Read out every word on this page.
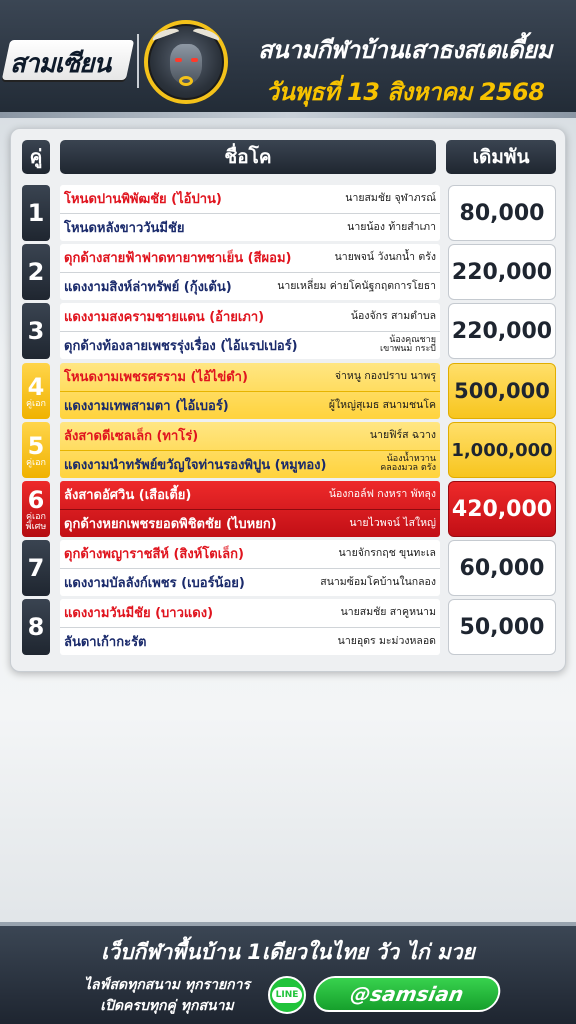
สามเซียน	สนามกีฬาบ้านเสาธงสเตเดี้ยม
วันพุธที่ 13 สิงหาคม 2568
คู่	ชื่อโค	เดิมพัน
1	โหนดปานพิพัฒชัย (ไอ้ปาน)	นายสมชัย จุฬาภรณ์
โหนดหลังขาววันมีชัย	นายน้อง ท้ายสำเภา
80,000
2	ดุกด้างสายฟ้าฟาดทายาทชาเย็น (สีผอม)	นายพจน์ วังนกน้ำ ตรัง
แดงงามสิงห์ล่าทรัพย์ (กุ้งเต้น)	นายเหลี่ยม ค่ายโคนัฐกฤตการโยธา
220,000
3	แดงงามสงครามชายแดน (อ้ายเภา)	น้องจักร สามตำบล
ดุกด้างท้องลายเพชรรุ่งเรื่อง (ไอ้แรปเปอร์)	น้องคุณชาย เขาพนม กระบี่
220,000
4
คู่เอก
โหนดงามเพชรศรราม (ไอ้ไข่ดำ)	จ่าหนู กองปราบ นาพรุ
แดงงามเทพสามตา (ไอ้เบอร์)	ผู้ใหญ่สุเมธ สนามชนโค
500,000
5
คู่เอก
ลังสาดดีเซลเล็ก (ทาโร่)	นายฟิร์ส ฉวาง
แดงงามนำทรัพย์ขวัญใจท่านรองพิปูน (หมูทอง)	น้องน้ำหวาน คลองมวล ตรัง
1,000,000
6
คู่เอก
พิเศษ
ลังสาดอัศวิน (เสือเตี้ย)	น้องกอล์ฟ กงหรา พัทลุง
ดุกด้างหยกเพชรยอดพิชิตชัย (ไบหยก)	นายไวพจน์ ไสใหญ่
420,000
7	ดุกด้างพญาราชสีห์ (สิงห์โตเล็ก)	นายจักรกฤช ขุนทะเล
แดงงามบัลลังก์เพชร (เบอร์น้อย)	สนามซ้อมโคบ้านในกลอง
60,000
8	แดงงามวันมีชัย (บาวแดง)	นายสมชัย สาคูหนาม
ลันดาเก้ากะรัต	นายอุดร มะม่วงหลอด
50,000
เว็บกีฬาพื้นบ้าน 1เดียวในไทย วัว ไก่ มวย
ไลฟ์สดทุกสนาม ทุกรายการ
เปิดครบทุกคู่ ทุกสนาม
LINE	@samsian
